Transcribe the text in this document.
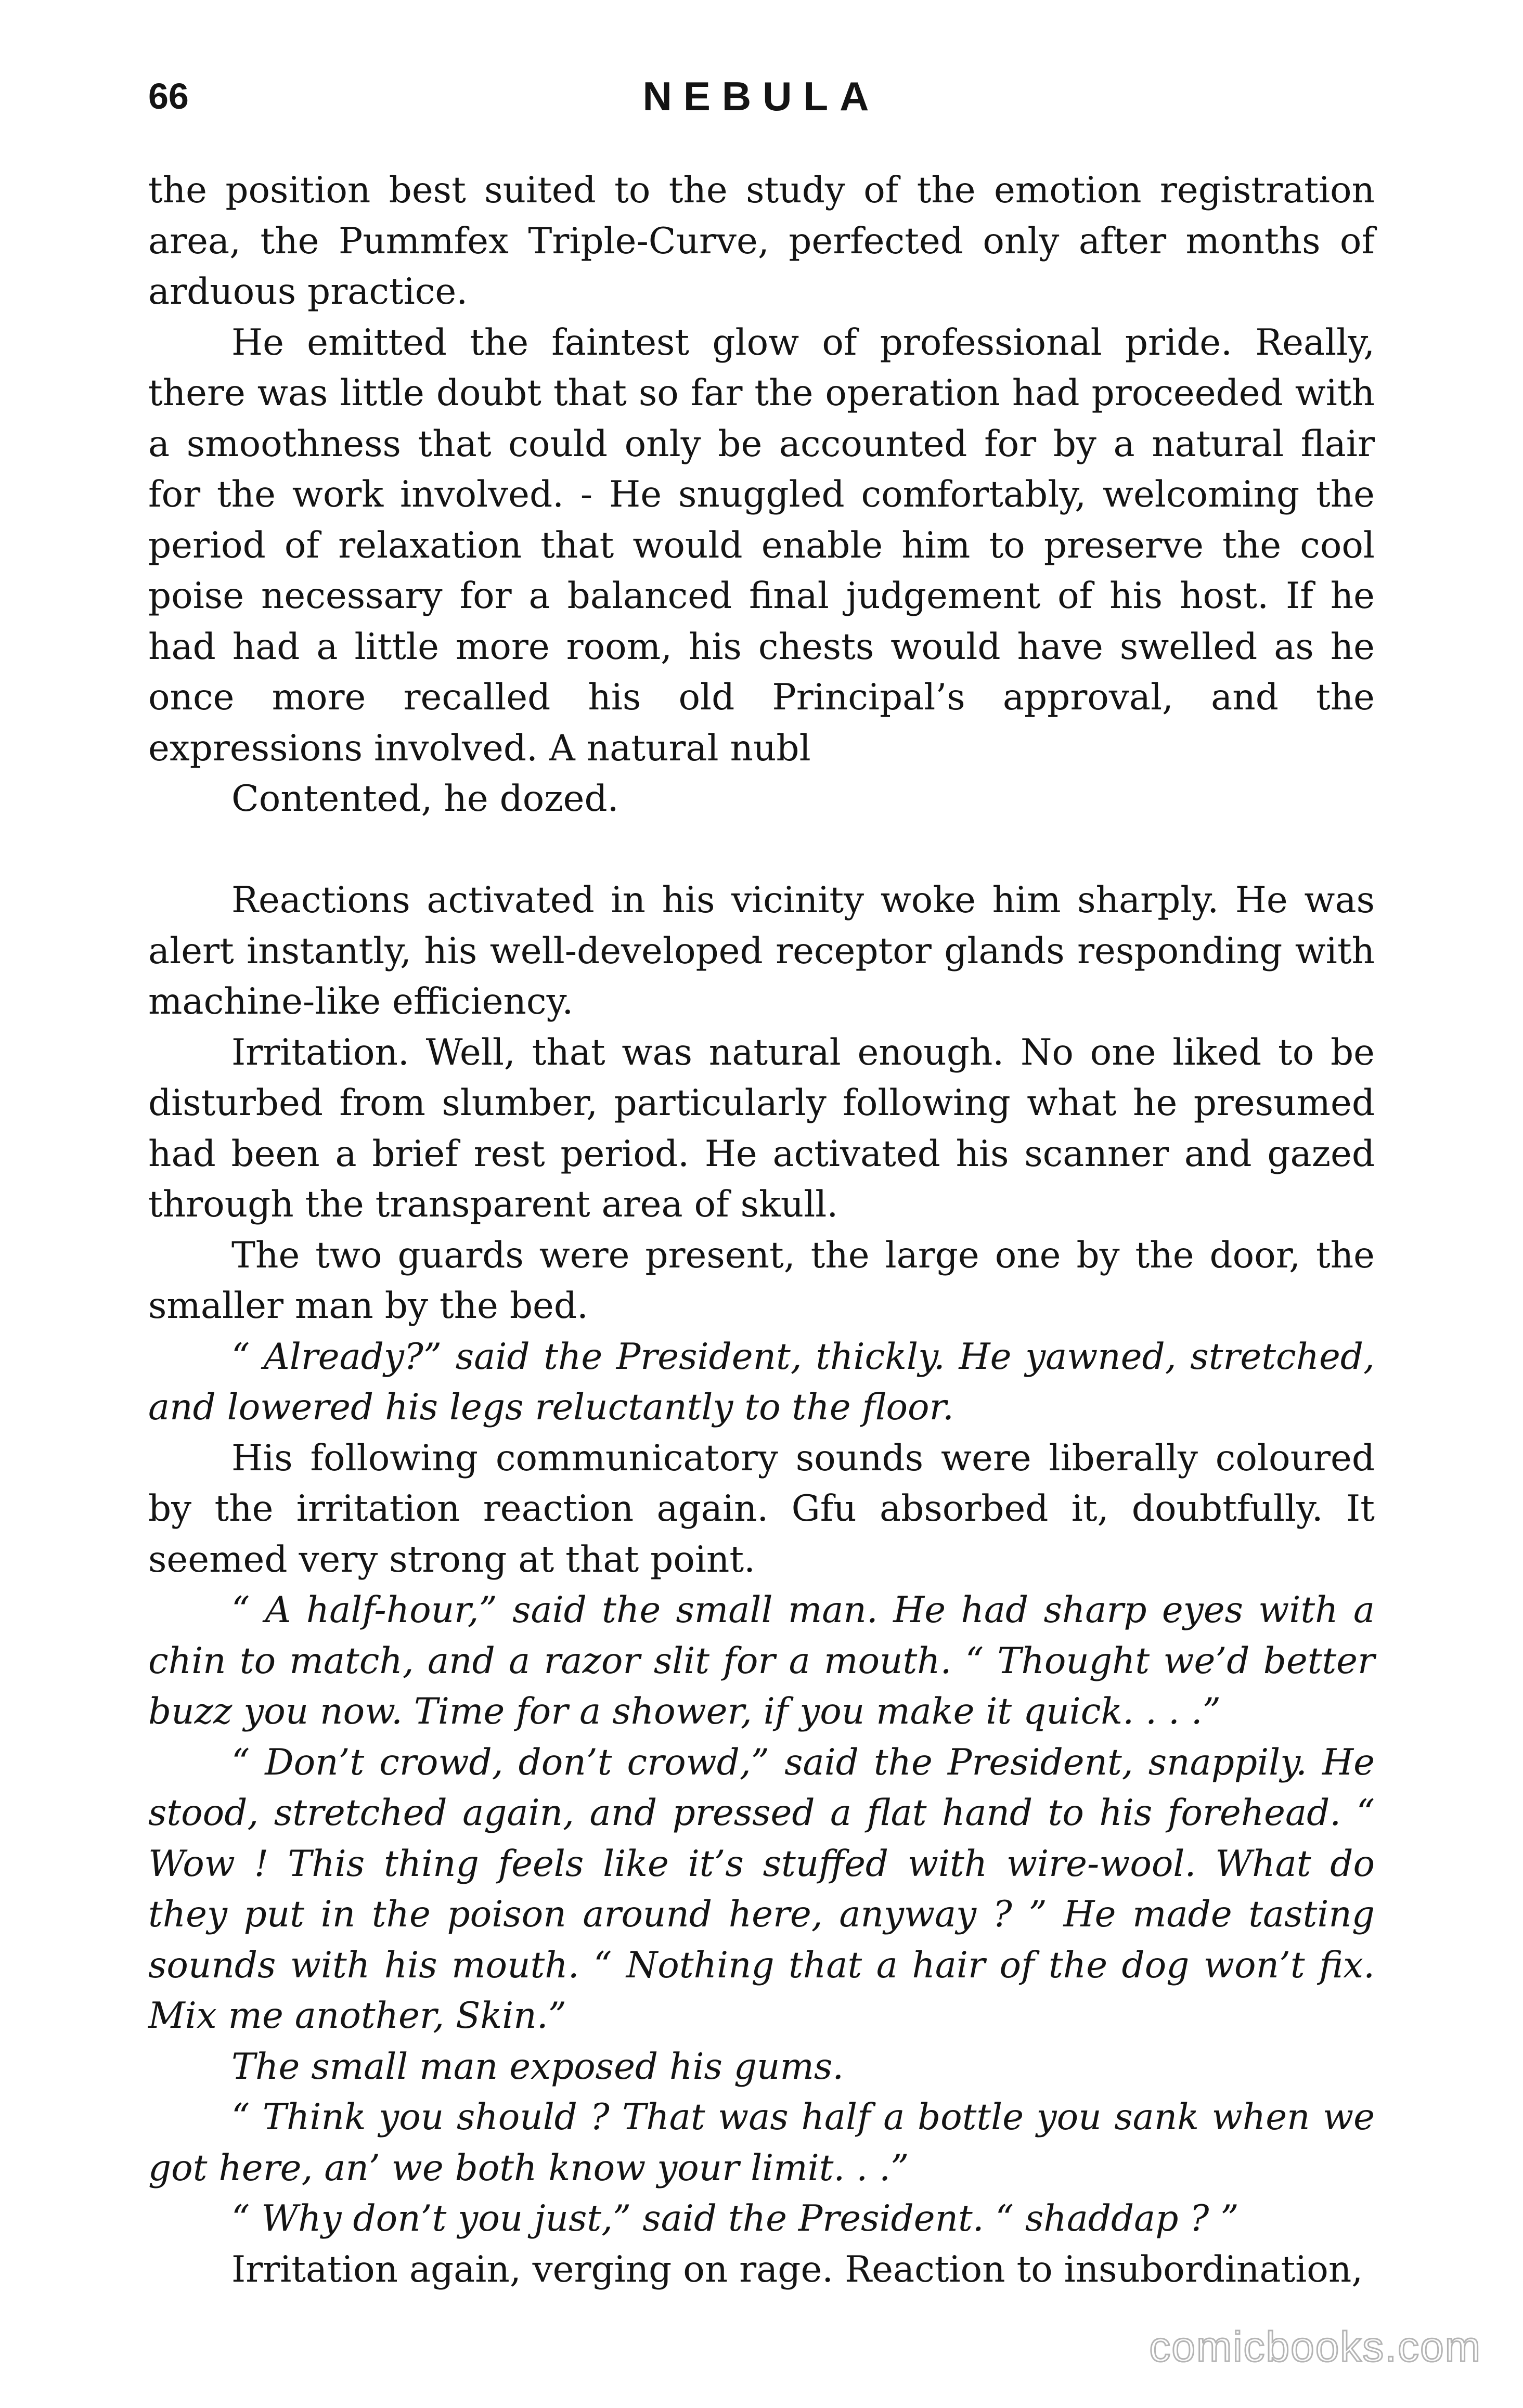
66	NEBULA

the position best suited to the study of the emotion registration area, the Pummfex Triple-Curve, perfected only after months of arduous practice.

He emitted the faintest glow of professional pride. Really, there was little doubt that so far the operation had proceeded with a smoothness that could only be accounted for by a natural flair for the work involved. - He snuggled comfortably, welcoming the period of relaxation that would enable him to preserve the cool poise necessary for a balanced final judgement of his host. If he had had a little more room, his chests would have swelled as he once more recalled his old Principal’s approval, and the expressions involved. A natural nubl

Contented, he dozed.

Reactions activated in his vicinity woke him sharply. He was alert instantly, his well-developed receptor glands responding with machine-like efficiency.

Irritation. Well, that was natural enough. No one liked to be disturbed from slumber, particularly following what he presumed had been a brief rest period. He activated his scanner and gazed through the transparent area of skull.

The two guards were present, the large one by the door, the smaller man by the bed.

“ Already?” said the President, thickly. He yawned, stretched, and lowered his legs reluctantly to the floor.

His following communicatory sounds were liberally coloured by the irritation reaction again. Gfu absorbed it, doubtfully. It seemed very strong at that point.

“ A half-hour,” said the small man. He had sharp eyes with a chin to match, and a razor slit for a mouth. “ Thought we’d better buzz you now. Time for a shower, if you make it quick. . . .”

“ Don’t crowd, don’t crowd,” said the President, snappily. He stood, stretched again, and pressed a flat hand to his forehead. “ Wow ! This thing feels like it’s stuffed with wire-wool. What do they put in the poison around here, anyway ? ” He made tasting sounds with his mouth. “ Nothing that a hair of the dog won’t fix. Mix me another, Skin.”

The small man exposed his gums.

“ Think you should ? That was half a bottle you sank when we got here, an’ we both know your limit. . .”

“ Why don’t you just,” said the President. “ shaddap ? ”

Irritation again, verging on rage. Reaction to insubordination,

comicbooks.com
